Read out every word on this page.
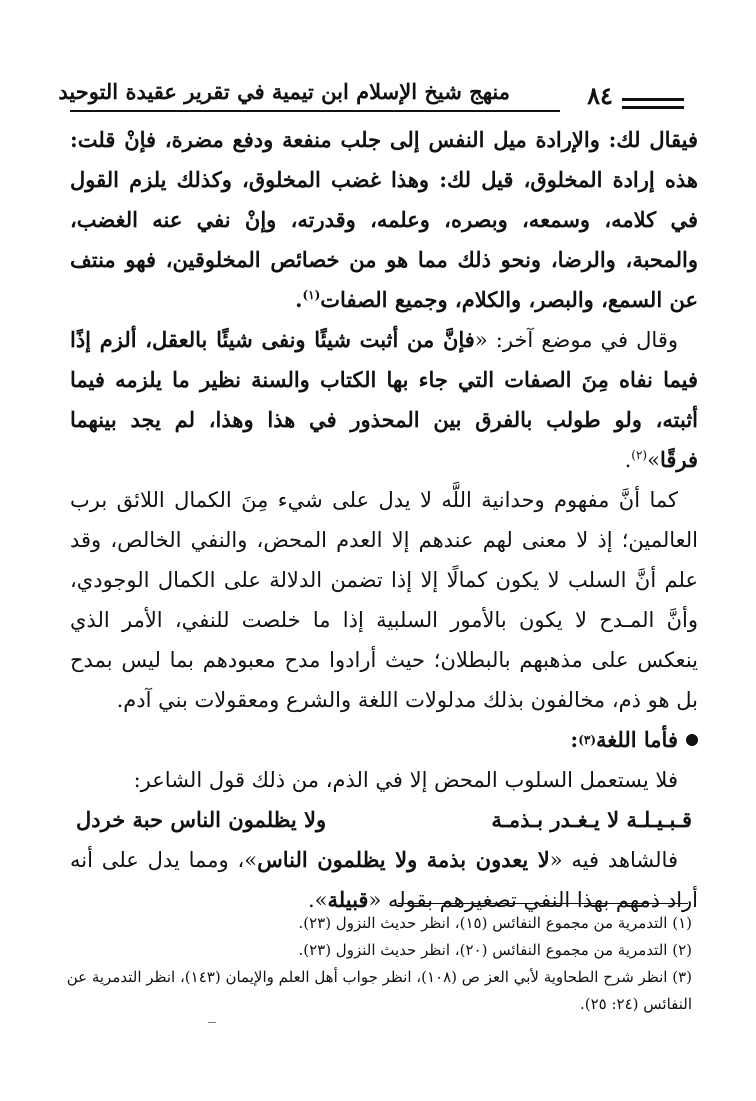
منهج شيخ الإسلام ابن تيمية في تقرير عقيدة التوحيد	٨٤

فيقال لك: والإرادة ميل النفس إلى جلب منفعة ودفع مضرة، فإنْ قلت: هذه إرادة المخلوق، قيل لك: وهذا غضب المخلوق، وكذلك يلزم القول في كلامه، وسمعه، وبصره، وعلمه، وقدرته، وإنْ نفي عنه الغضب، والمحبة، والرضا، ونحو ذلك مما هو من خصائص المخلوقين، فهو منتف عن السمع، والبصر، والكلام، وجميع الصفات$^{(١)}$.

وقال في موضع آخر: «فإنَّ من أثبت شيئًا ونفى شيئًا بالعقل، ألزم إذًا فيما نفاه مِنَ الصفات التي جاء بها الكتاب والسنة نظير ما يلزمه فيما أثبته، ولو طولب بالفرق بين المحذور في هذا وهذا، لم يجد بينهما فرقًا»$^{(٢)}$.

كما أنَّ مفهوم وحدانية اللَّه لا يدل على شيء مِنَ الكمال اللائق برب العالمين؛ إذ لا معنى لهم عندهم إلا العدم المحض، والنفي الخالص، وقد علم أنَّ السلب لا يكون كمالًا إلا إذا تضمن الدلالة على الكمال الوجودي، وأنَّ المـدح لا يكون بالأمور السلبية إذا ما خلصت للنفي، الأمر الذي ينعكس على مذهبهم بالبطلان؛ حيث أرادوا مدح معبودهم بما ليس بمدح بل هو ذم، مخالفون بذلك مدلولات اللغة والشرع ومعقولات بني آدم.

فأما اللغة
(٣)
:

فلا يستعمل السلوب المحض إلا في الذم، من ذلك قول الشاعر:

قـبـيـلـة لا يـغـدر بـذمـة
ولا يظلمون الناس حبة خردل

فالشاهد فيه «لا يعدون بذمة ولا يظلمون الناس»، ومما يدل على أنه أراد ذمهم بهذا النفي تصغيرهم بقوله «قبيلة».

(١) التدمرية من مجموع النفائس (١٥)، انظر حديث النزول (٢٣).

(٢) التدمرية من مجموع النفائس (٢٠)، انظر حديث النزول (٢٣).

(٣) انظر شرح الطحاوية لأبي العز ص (١٠٨)، انظر جواب أهل العلم والإيمان (١٤٣)، انظر التدمرية عن النفائس (٢٤: ٢٥).
